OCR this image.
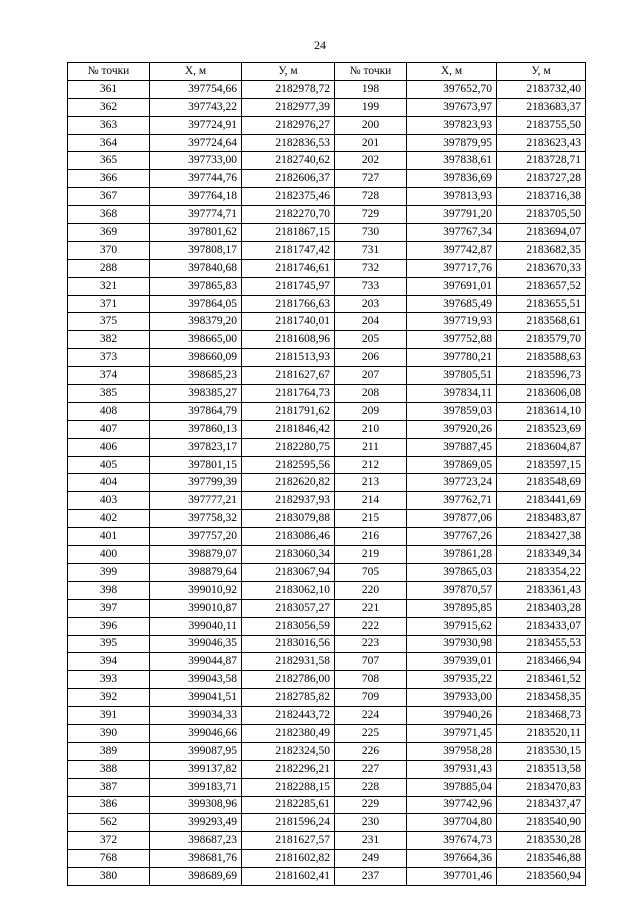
24
№ точки	Х, м	У, м	№ точки	Х, м	У, м
361	397754,66	2182978,72	198	397652,70	2183732,40
362	397743,22	2182977,39	199	397673,97	2183683,37
363	397724,91	2182976,27	200	397823,93	2183755,50
364	397724,64	2182836,53	201	397879,95	2183623,43
365	397733,00	2182740,62	202	397838,61	2183728,71
366	397744,76	2182606,37	727	397836,69	2183727,28
367	397764,18	2182375,46	728	397813,93	2183716,38
368	397774,71	2182270,70	729	397791,20	2183705,50
369	397801,62	2181867,15	730	397767,34	2183694,07
370	397808,17	2181747,42	731	397742,87	2183682,35
288	397840,68	2181746,61	732	397717,76	2183670,33
321	397865,83	2181745,97	733	397691,01	2183657,52
371	397864,05	2181766,63	203	397685,49	2183655,51
375	398379,20	2181740,01	204	397719,93	2183568,61
382	398665,00	2181608,96	205	397752,88	2183579,70
373	398660,09	2181513,93	206	397780,21	2183588,63
374	398685,23	2181627,67	207	397805,51	2183596,73
385	398385,27	2181764,73	208	397834,11	2183606,08
408	397864,79	2181791,62	209	397859,03	2183614,10
407	397860,13	2181846,42	210	397920,26	2183523,69
406	397823,17	2182280,75	211	397887,45	2183604,87
405	397801,15	2182595,56	212	397869,05	2183597,15
404	397799,39	2182620,82	213	397723,24	2183548,69
403	397777,21	2182937,93	214	397762,71	2183441,69
402	397758,32	2183079,88	215	397877,06	2183483,87
401	397757,20	2183086,46	216	397767,26	2183427,38
400	398879,07	2183060,34	219	397861,28	2183349,34
399	398879,64	2183067,94	705	397865,03	2183354,22
398	399010,92	2183062,10	220	397870,57	2183361,43
397	399010,87	2183057,27	221	397895,85	2183403,28
396	399040,11	2183056,59	222	397915,62	2183433,07
395	399046,35	2183016,56	223	397930,98	2183455,53
394	399044,87	2182931,58	707	397939,01	2183466,94
393	399043,58	2182786,00	708	397935,22	2183461,52
392	399041,51	2182785,82	709	397933,00	2183458,35
391	399034,33	2182443,72	224	397940,26	2183468,73
390	399046,66	2182380,49	225	397971,45	2183520,11
389	399087,95	2182324,50	226	397958,28	2183530,15
388	399137,82	2182296,21	227	397931,43	2183513,58
387	399183,71	2182288,15	228	397885,04	2183470,83
386	399308,96	2182285,61	229	397742,96	2183437,47
562	399293,49	2181596,24	230	397704,80	2183540,90
372	398687,23	2181627,57	231	397674,73	2183530,28
768	398681,76	2181602,82	249	397664,36	2183546,88
380	398689,69	2181602,41	237	397701,46	2183560,94
